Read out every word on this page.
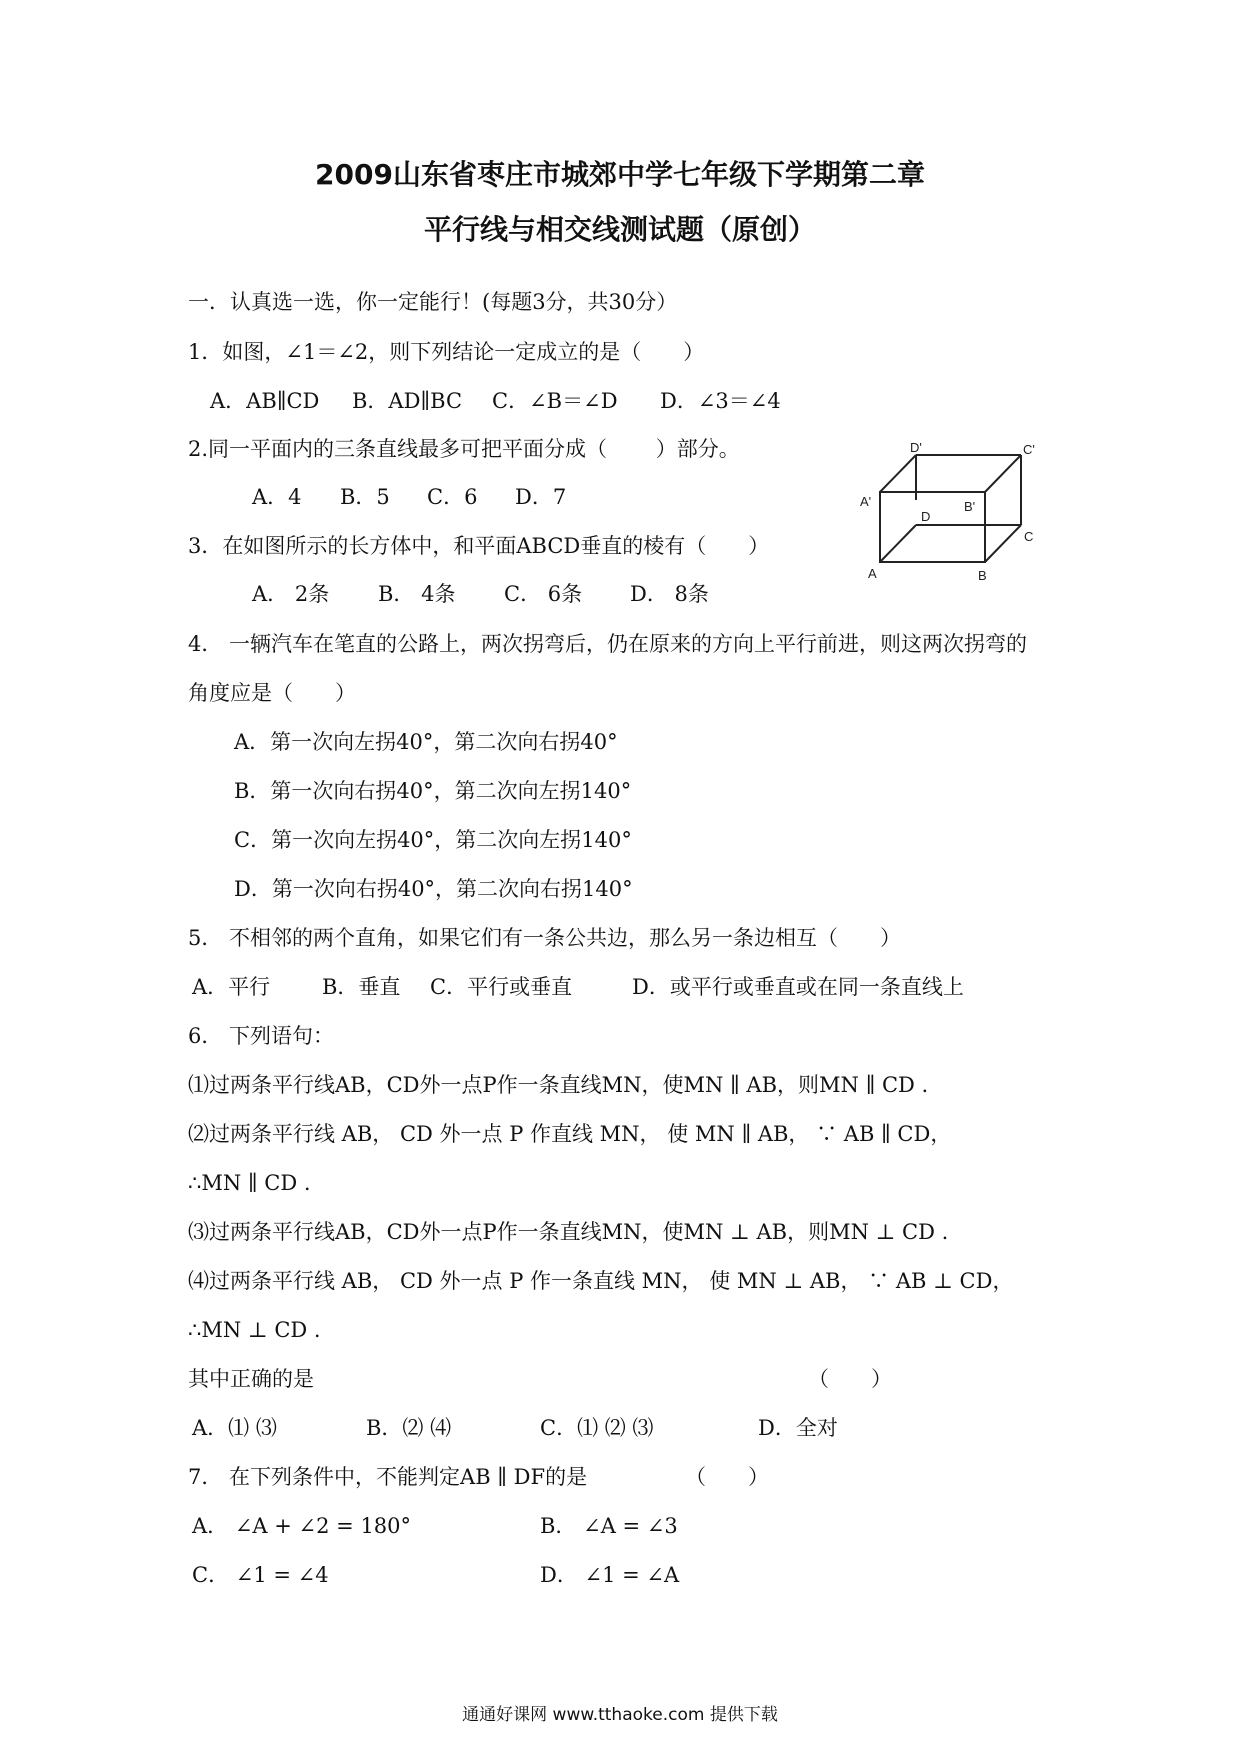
2009山东省枣庄市城郊中学七年级下学期第二章
平行线与相交线测试题（原创）
一．认真选一选，你一定能行！(每题3分，共30分）
1．如图，∠1＝∠2，则下列结论一定成立的是（　　）
A．AB∥CD B．AD∥BC C．∠B＝∠D D．∠3＝∠4
2.同一平面内的三条直线最多可把平面分成（　　 ）部分。
A．4 B．5 C．6 D．7
D'	C'
A'
D
B'
C
A	B
3．在如图所示的长方体中，和平面ABCD垂直的棱有（　　）
A． 2条 B． 4条 C． 6条 D． 8条
4． 一辆汽车在笔直的公路上，两次拐弯后，仍在原来的方向上平行前进，则这两次拐弯的
角度应是（　　）
A．第一次向左拐40°，第二次向右拐40°
B．第一次向右拐40°，第二次向左拐140°
C．第一次向左拐40°，第二次向左拐140°
D．第一次向右拐40°，第二次向右拐140°
5． 不相邻的两个直角，如果它们有一条公共边，那么另一条边相互（　　）
A．平行 B．垂直 C．平行或垂直	D．或平行或垂直或在同一条直线上
6． 下列语句：
⑴过两条平行线AB，CD外一点P作一条直线MN，使MN ∥ AB，则MN ∥ CD .
⑵过两条平行线 AB， CD 外一点 P 作直线 MN， 使 MN ∥ AB， ∵ AB ∥ CD，
∴MN ∥ CD .
⑶过两条平行线AB，CD外一点P作一条直线MN，使MN ⊥ AB，则MN ⊥ CD .
⑷过两条平行线 AB， CD 外一点 P 作一条直线 MN， 使 MN ⊥ AB， ∵ AB ⊥ CD，
∴MN ⊥ CD .
其中正确的是	（　　）
A．⑴ ⑶	B．⑵ ⑷	C．⑴ ⑵ ⑶	D．全对
7． 在下列条件中，不能判定AB ∥ DF的是	（　　）
A． ∠A + ∠2 = 180°	B． ∠A = ∠3
C． ∠1 = ∠4	D． ∠1 = ∠A
通通好课网 www.tthaoke.com 提供下载
